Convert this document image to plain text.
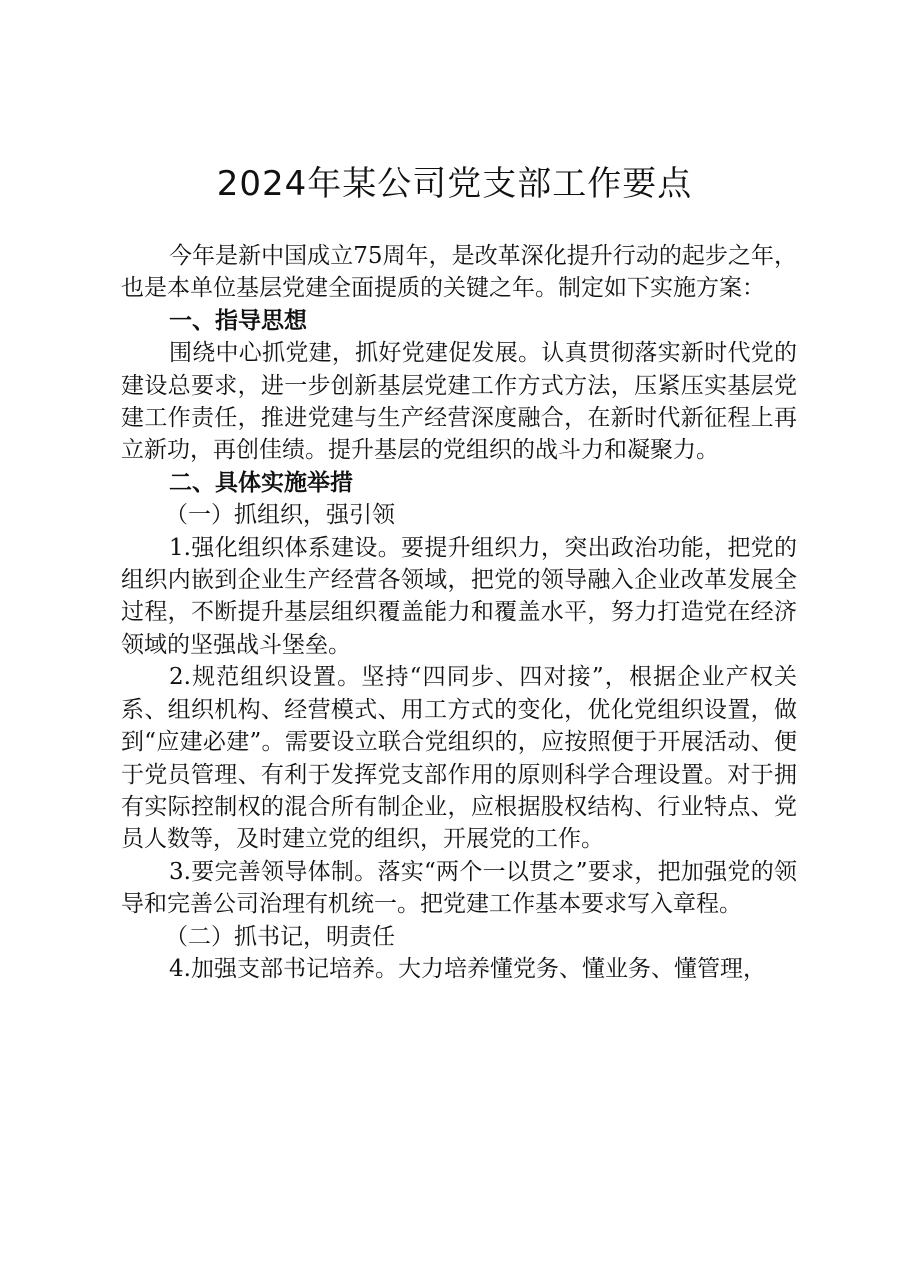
2024年某公司党支部工作要点

今年是新中国成立75周年，是改革深化提升行动的起步之年，也是本单位基层党建全面提质的关键之年。制定如下实施方案：

一、指导思想

围绕中心抓党建，抓好党建促发展。认真贯彻落实新时代党的建设总要求，进一步创新基层党建工作方式方法，压紧压实基层党建工作责任，推进党建与生产经营深度融合，在新时代新征程上再立新功，再创佳绩。提升基层的党组织的战斗力和凝聚力。

二、具体实施举措

（一）抓组织，强引领

1.强化组织体系建设。要提升组织力，突出政治功能，把党的组织内嵌到企业生产经营各领域，把党的领导融入企业改革发展全过程，不断提升基层组织覆盖能力和覆盖水平，努力打造党在经济领域的坚强战斗堡垒。

2.规范组织设置。坚持“四同步、四对接”，根据企业产权关系、组织机构、经营模式、用工方式的变化，优化党组织设置，做到“应建必建”。需要设立联合党组织的，应按照便于开展活动、便于党员管理、有利于发挥党支部作用的原则科学合理设置。对于拥有实际控制权的混合所有制企业，应根据股权结构、行业特点、党员人数等，及时建立党的组织，开展党的工作。

3.要完善领导体制。落实“两个一以贯之”要求，把加强党的领导和完善公司治理有机统一。把党建工作基本要求写入章程。

（二）抓书记，明责任

4.加强支部书记培养。大力培养懂党务、懂业务、懂管理，
